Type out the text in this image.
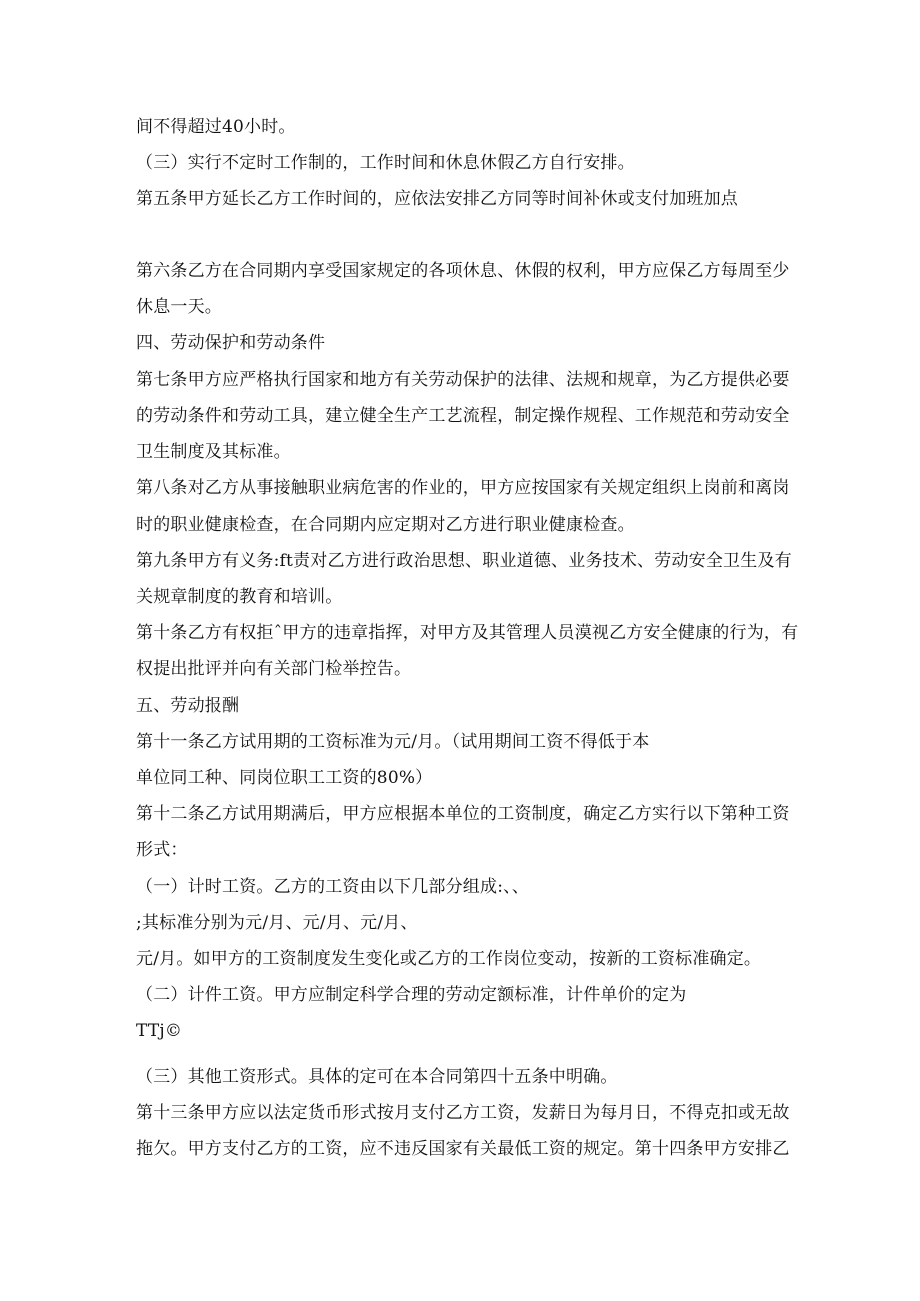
间不得超过40小时。
（三）实行不定时工作制的，工作时间和休息休假乙方自行安排。
第五条甲方延长乙方工作时间的，应依法安排乙方同等时间补休或支付加班加点
第六条乙方在合同期内享受国家规定的各项休息、休假的权利，甲方应保乙方每周至少
休息一天。
四、劳动保护和劳动条件
第七条甲方应严格执行国家和地方有关劳动保护的法律、法规和规章，为乙方提供必要
的劳动条件和劳动工具，建立健全生产工艺流程，制定操作规程、工作规范和劳动安全
卫生制度及其标准。
第八条对乙方从事接触职业病危害的作业的，甲方应按国家有关规定组织上岗前和离岗
时的职业健康检查，在合同期内应定期对乙方进行职业健康检查。
第九条甲方有义务:ft责对乙方进行政治思想、职业道德、业务技术、劳动安全卫生及有
关规章制度的教育和培训。
第十条乙方有权拒ˆ甲方的违章指挥，对甲方及其管理人员漠视乙方安全健康的行为，有
权提出批评并向有关部门检举控告。
五、劳动报酬
第十一条乙方试用期的工资标准为元/月。（试用期间工资不得低于本
单位同工种、同岗位职工工资的80%）
第十二条乙方试用期满后，甲方应根据本单位的工资制度，确定乙方实行以下第种工资
形式：
（一）计时工资。乙方的工资由以下几部分组成:、、
;其标准分别为元/月、元/月、元/月、
元/月。如甲方的工资制度发生变化或乙方的工作岗位变动，按新的工资标准确定。
（二）计件工资。甲方应制定科学合理的劳动定额标准，计件单价的定为
TTj©
（三）其他工资形式。具体的定可在本合同第四十五条中明确。
第十三条甲方应以法定货币形式按月支付乙方工资，发薪日为每月日，不得克扣或无故
拖欠。甲方支付乙方的工资，应不违反国家有关最低工资的规定。第十四条甲方安排乙
